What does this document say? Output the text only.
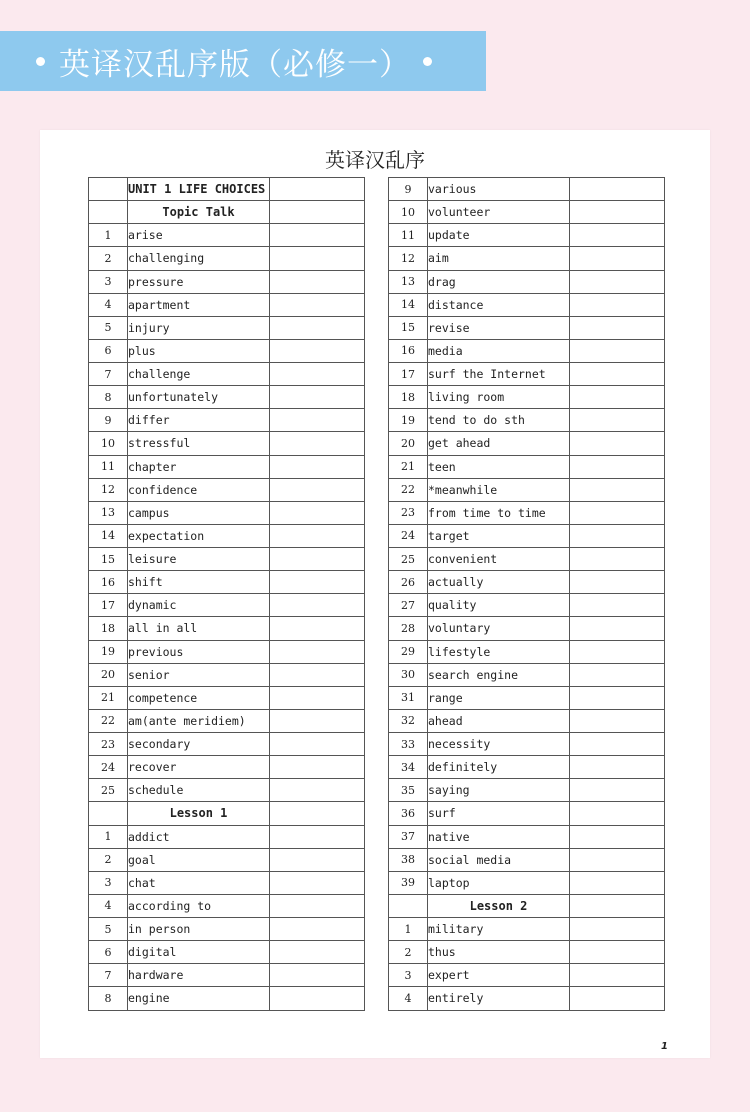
英译汉乱序版（必修一）
英译汉乱序
	UNIT 1 LIFE CHOICES	
	Topic Talk	
1	arise	
2	challenging	
3	pressure	
4	apartment	
5	injury	
6	plus	
7	challenge	
8	unfortunately	
9	differ	
10	stressful	
11	chapter	
12	confidence	
13	campus	
14	expectation	
15	leisure	
16	shift	
17	dynamic	
18	all in all	
19	previous	
20	senior	
21	competence	
22	am(ante meridiem)	
23	secondary	
24	recover	
25	schedule	
	Lesson 1	
1	addict	
2	goal	
3	chat	
4	according to	
5	in person	
6	digital	
7	hardware	
8	engine	
9	various	
10	volunteer	
11	update	
12	aim	
13	drag	
14	distance	
15	revise	
16	media	
17	surf the Internet	
18	living room	
19	tend to do sth	
20	get ahead	
21	teen	
22	*meanwhile	
23	from time to time	
24	target	
25	convenient	
26	actually	
27	quality	
28	voluntary	
29	lifestyle	
30	search engine	
31	range	
32	ahead	
33	necessity	
34	definitely	
35	saying	
36	surf	
37	native	
38	social media	
39	laptop	
	Lesson 2	
1	military	
2	thus	
3	expert	
4	entirely	
1
